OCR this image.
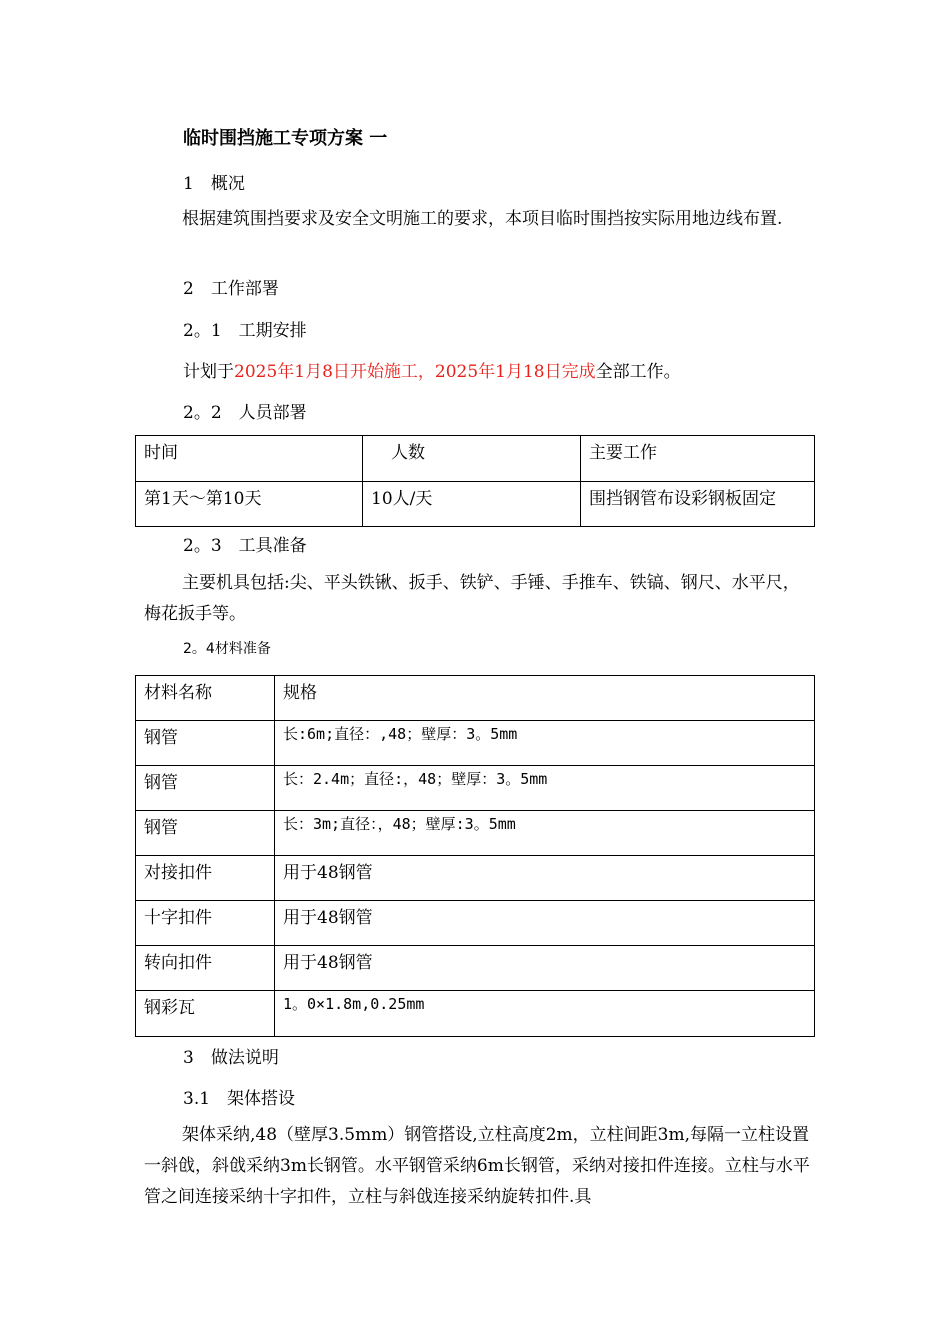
临时围挡施工专项方案 一
1　概况
根据建筑围挡要求及安全文明施工的要求，本项目临时围挡按实际用地边线布置.
2　工作部署
2。1　工期安排
计划于2025年1月8日开始施工，2025年1月18日完成全部工作。
2。2　人员部署
时间	人数	主要工作
第1天～第10天	10人/天	围挡钢管布设彩钢板固定
2。3　工具准备
主要机具包括:尖、平头铁锹、扳手、铁铲、手锤、手推车、铁镐、钢尺、水平尺，梅花扳手等。
2。4材料准备
材料名称	规格
钢管	长:6m;直径：,48；壁厚：3。5mm
钢管	长：2.4m；直径:，48；壁厚：3。5mm
钢管	长：3m;直径：，48；壁厚:3。5mm
对接扣件	用于48钢管
十字扣件	用于48钢管
转向扣件	用于48钢管
钢彩瓦	1。0×1.8m,0.25mm
3　做法说明
3.1　架体搭设
架体采纳,48（壁厚3.5mm）钢管搭设,立柱高度2m，立柱间距3m,每隔一立柱设置一斜戗，斜戗采纳3m长钢管。水平钢管采纳6m长钢管，采纳对接扣件连接。立柱与水平管之间连接采纳十字扣件，立柱与斜戗连接采纳旋转扣件.具
